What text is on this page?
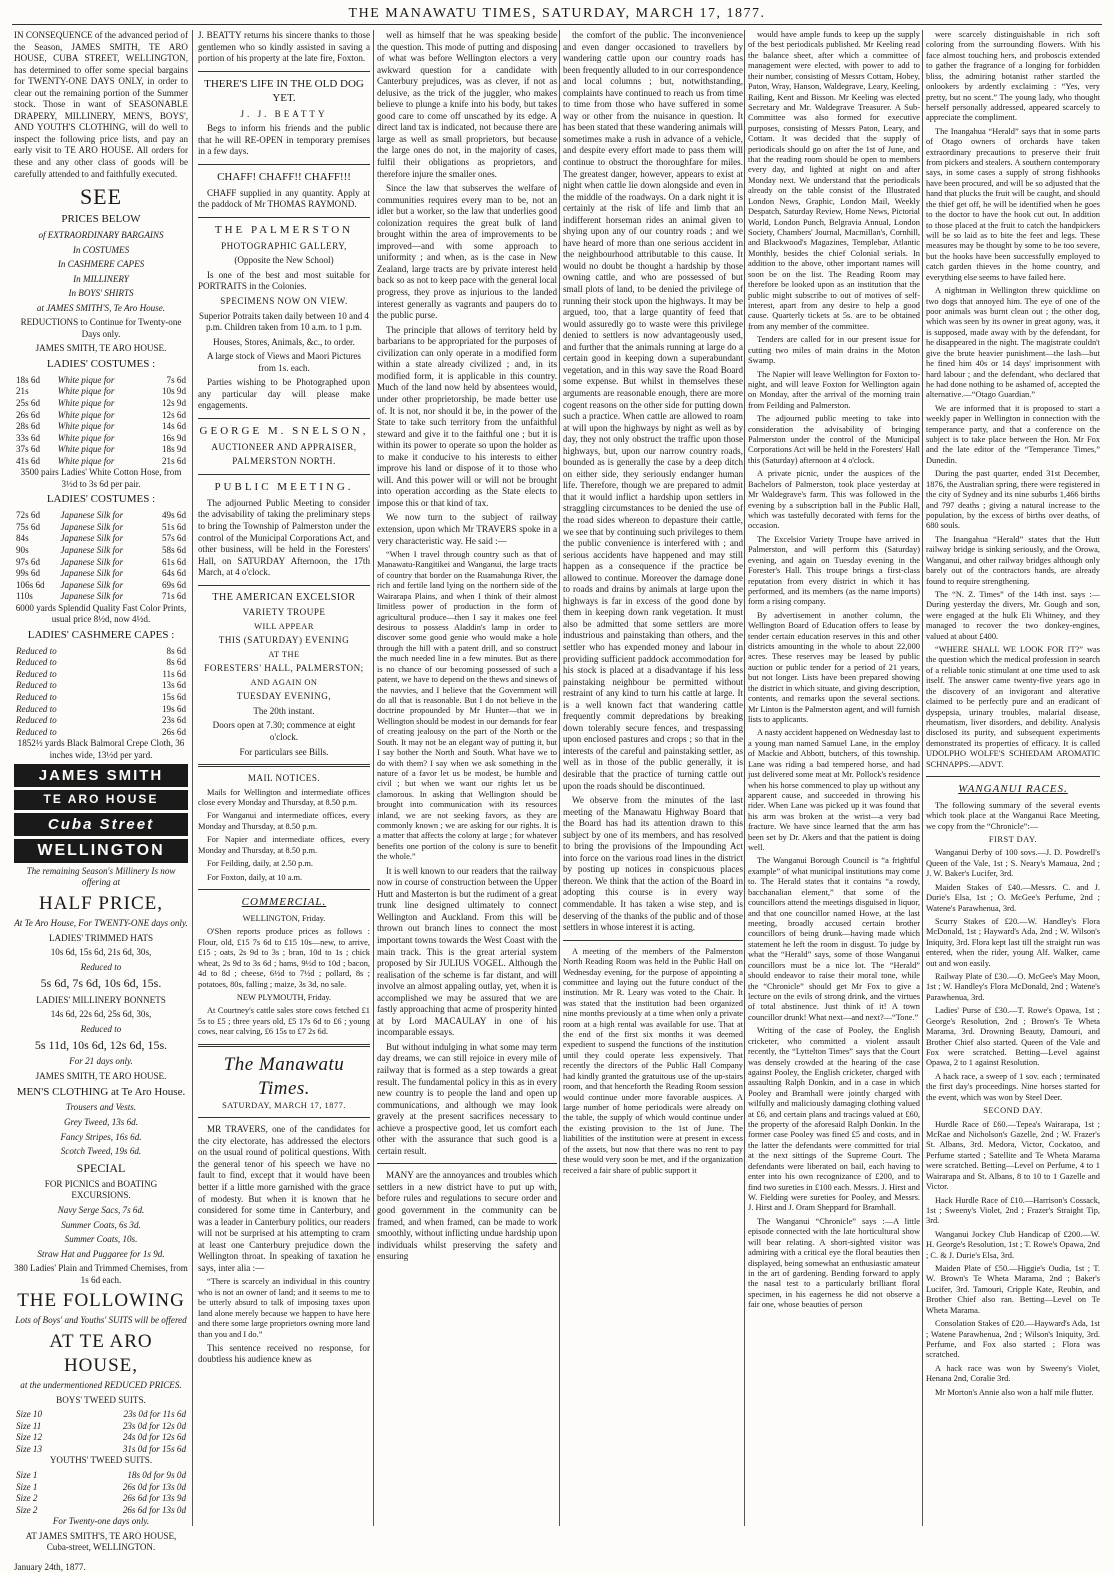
THE MANAWATU TIMES, SATURDAY, MARCH 17, 1877.

IN CONSEQUENCE of the advanced period of the Season, JAMES SMITH, TE ARO HOUSE, CUBA STREET, WELLINGTON, has determined to offer some special bargains for TWENTY-ONE DAYS ONLY, in order to clear out the remaining portion of the Summer stock. Those in want of SEASONABLE DRAPERY, MILLINERY, MEN'S, BOYS', AND YOUTH'S CLOTHING, will do well to inspect the following price lists, and pay an early visit to TE ARO HOUSE. All orders for these and any other class of goods will be carefully attended to and faithfully executed.

SEE

PRICES BELOW

of EXTRAORDINARY BARGAINS

In COSTUMES

In CASHMERE CAPES

In MILLINERY

In BOYS' SHIRTS

at JAMES SMITH'S, Te Aro House.

REDUCTIONS to Continue for Twenty-one Days only.

JAMES SMITH, TE ARO HOUSE.

LADIES' COSTUMES :

18s 6d	White pique for	7s 6d
21s	White pique for	10s 9d
25s 6d	White pique for	12s 9d
26s 6d	White pique for	12s 6d
28s 6d	White pique for	14s 6d
33s 6d	White pique for	16s 9d
37s 6d	White pique for	18s 9d
41s 6d	White pique for	21s 6d

3500 pairs Ladies' White Cotton Hose, from 3½d to 3s 6d per pair.

LADIES' COSTUMES :

72s 6d	Japanese Silk for	49s 6d
75s 6d	Japanese Silk for	51s 6d
84s	Japanese Silk for	57s 6d
90s	Japanese Silk for	58s 6d
97s 6d	Japanese Silk for	61s 6d
99s 6d	Japanese Silk for	64s 6d
106s 6d	Japanese Silk for	69s 6d
110s	Japanese Silk for	71s 6d

6000 yards Splendid Quality Fast Color Prints, usual price 8½d, now 4½d.

LADIES' CASHMERE CAPES :

Reduced to	8s 6d
Reduced to	8s 6d
Reduced to	11s 6d
Reduced to	13s 6d
Reduced to	15s 6d
Reduced to	19s 6d
Reduced to	23s 6d
Reduced to	26s 6d

1852½ yards Black Balmoral Crepe Cloth, 36 inches wide, 13½d per yard.

JAMES SMITH
TE ARO HOUSE
Cuba Street
WELLINGTON

The remaining Season's Millinery Is now offering at

HALF PRICE,

At Te Aro House, For TWENTY-ONE days only.

LADIES' TRIMMED HATS

10s 6d, 15s 6d, 21s 6d, 30s,

Reduced to

5s 6d, 7s 6d, 10s 6d, 15s.

LADIES' MILLINERY BONNETS

14s 6d, 22s 6d, 25s 6d, 30s,

Reduced to

5s 11d, 10s 6d, 12s 6d, 15s.

For 21 days only.

JAMES SMITH, TE ARO HOUSE.

MEN'S CLOTHING at Te Aro House.

Trousers and Vests.

Grey Tweed, 13s 6d.

Fancy Stripes, 16s 6d.

Scotch Tweed, 19s 6d.

SPECIAL

FOR PICNICS and BOATING EXCURSIONS.

Navy Serge Sacs, 7s 6d.

Summer Coats, 6s 3d.

Summer Coats, 10s.

Straw Hat and Puggaree for 1s 9d.

380 Ladies' Plain and Trimmed Chemises, from 1s 6d each.

THE FOLLOWING

Lots of Boys' and Youths' SUITS will be offered

AT TE ARO HOUSE,

at the undermentioned REDUCED PRICES.

BOYS' TWEED SUITS.

Size 10	23s 0d for 11s 6d
Size 11	23s 0d for 12s 0d
Size 12	24s 0d for 12s 6d
Size 13	31s 0d for 15s 6d

YOUTHS' TWEED SUITS.

Size 1	18s 0d for 9s 0d
Size 1	26s 0d for 13s 0d
Size 2	26s 6d for 13s 9d
Size 2	26s 6d for 13s 0d

For Twenty-one days only.

AT JAMES SMITH'S, TE ARO HOUSE, Cuba-street, WELLINGTON.

January 24th, 1877.

J. BEATTY returns his sincere thanks to those gentlemen who so kindly assisted in saving a portion of his property at the late fire, Foxton.

THERE'S LIFE IN THE OLD DOG YET.

J. J. BEATTY

Begs to inform his friends and the public that he will RE-OPEN in temporary premises in a few days.

CHAFF! CHAFF!! CHAFF!!!

CHAFF supplied in any quantity. Apply at the paddock of Mr THOMAS RAYMOND.

THE PALMERSTON

PHOTOGRAPHIC GALLERY,

(Opposite the New School)

Is one of the best and most suitable for PORTRAITS in the Colonies.

SPECIMENS NOW ON VIEW.

Superior Potraits taken daily between 10 and 4 p.m. Children taken from 10 a.m. to 1 p.m.

Houses, Stores, Animals, &c., to order.

A large stock of Views and Maori Pictures from 1s. each.

Parties wishing to be Photographed upon any particular day will please make engagements.

GEORGE M. SNELSON,

AUCTIONEER AND APPRAISER,

PALMERSTON NORTH.

PUBLIC MEETING.

The adjourned Public Meeting to consider the advisability of taking the preliminary steps to bring the Township of Palmerston under the control of the Municipal Corporations Act, and other business, will be held in the Foresters' Hall, on SATURDAY Afternoon, the 17th March, at 4 o'clock.

THE AMERICAN EXCELSIOR

VARIETY TROUPE

WILL APPEAR

THIS (SATURDAY) EVENING

AT THE

FORESTERS' HALL, PALMERSTON;

AND AGAIN ON

TUESDAY EVENING,

The 20th instant.

Doors open at 7.30; commence at eight o'clock.

For particulars see Bills.

MAIL NOTICES.

Mails for Wellington and intermediate offices close every Monday and Thursday, at 8.50 p.m.

For Wanganui and intermediate offices, every Monday and Thursday, at 8.50 p.m.

For Napier and intermediate offices, every Monday and Thursday, at 8.50 p.m.

For Feilding, daily, at 2.50 p.m.

For Foxton, daily, at 10 a.m.

COMMERCIAL.

WELLINGTON, Friday.

O'Shen reports produce prices as follows : Flour, old, £15 7s 6d to £15 10s—new, to arrive, £15 ; oats, 2s 9d to 3s ; bran, 10d to 1s ; chick wheat, 2s 9d to 3s 6d ; hams, 9½d to 10d ; bacon, 4d to 8d ; cheese, 6½d to 7½d ; pollard, 8s ; potatoes, 80s, falling ; maize, 3s 3d, no sale.

NEW PLYMOUTH, Friday.

At Courtney's cattle sales store cows fetched £1 5s to £5 ; three years old, £5 17s 6d to £6 ; young cows, near calving, £6 15s to £7 2s 6d.

The Manawatu Times.

SATURDAY, MARCH 17, 1877.

MR TRAVERS, one of the candidates for the city electorate, has addressed the electors on the usual round of political questions. With the general tenor of his speech we have no fault to find, except that it would have been better if a little more garnished with the grace of modesty. But when it is known that he considered for some time in Canterbury, and was a leader in Canterbury politics, our readers will not be surprised at his attempting to cram at least one Canterbury prejudice down the Wellington throat. In speaking of taxation he says, inter alia :—

“There is scarcely an individual in this country who is not an owner of land; and it seems to me to be utterly absurd to talk of imposing taxes upon land alone merely because we happen to have here and there some large proprietors owning more land than you and I do.”

This sentence received no response, for doubtless his audience knew as

well as himself that he was speaking beside the question. This mode of putting and disposing of what was before Wellington electors a very awkward question for a candidate with Canterbury prejudices, was as clever, if not as delusive, as the trick of the juggler, who makes believe to plunge a knife into his body, but takes good care to come off unscathed by its edge. A direct land tax is indicated, not because there are large as well as small proprietors, but because the large ones do not, in the majority of cases, fulfil their obligations as proprietors, and therefore injure the smaller ones.

Since the law that subserves the welfare of communities requires every man to be, not an idler but a worker, so the law that underlies good colonization requires the great bulk of land brought within the area of improvements to be improved—and with some approach to uniformity ; and when, as is the case in New Zealand, large tracts are by private interest held back so as not to keep pace with the general local progress, they prove as injurious to the landed interest generally as vagrants and paupers do to the public purse.

The principle that allows of territory held by barbarians to be appropriated for the purposes of civilization can only operate in a modified form within a state already civilized ; and, in its modified form, it is applicable in this country. Much of the land now held by absentees would, under other proprietorship, be made better use of. It is not, nor should it be, in the power of the State to take such territory from the unfaithful steward and give it to the faithful one ; but it is within its power to operate so upon the holder as to make it conducive to his interests to either improve his land or dispose of it to those who will. And this power will or will not be brought into operation according as the State elects to impose this or that kind of tax.

We now turn to the subject of railway extension, upon which Mr TRAVERS spoke in a very characteristic way. He said :—

“When I travel through country such as that of Manawatu-Rangitikei and Wanganui, the large tracts of country that border on the Ruamahunga River, the rich and fertile land lying on the northern side of the Wairarapa Plains, and when I think of their almost limitless power of production in the form of agricultural produce—then I say it makes one feel desirous to possess Aladdin's lamp in order to discover some good genie who would make a hole through the hill with a patent drill, and so construct the much needed line in a few minutes. But as there is no chance of our becoming possessed of such a patent, we have to depend on the thews and sinews of the navvies, and I believe that the Government will do all that is reasonable. But I do not believe in the doctrine propounded by Mr Hunter—that we in Wellington should be modest in our demands for fear of creating jealousy on the part of the North or the South. It may not be an elegant way of putting it, but I say bother the North and South. What have we to do with them? I say when we ask something in the nature of a favor let us be modest, be humble and civil ; but when we want our rights let us be clamorous. In asking that Wellington should be brought into communication with its resources inland, we are not seeking favors, as they are commonly known ; we are asking for our rights. It is a matter that affects the colony at large ; for whatever benefits one portion of the colony is sure to benefit the whole.”

It is well known to our readers that the railway now in course of construction between the Upper Hutt and Masterton is but the rudiment of a great trunk line designed ultimately to connect Wellington and Auckland. From this will be thrown out branch lines to connect the most important towns towards the West Coast with the main track. This is the great arterial system proposed by Sir JULIUS VOGEL. Although the realisation of the scheme is far distant, and will involve an almost appaling outlay, yet, when it is accomplished we may be assured that we are fastly approaching that acme of prosperity hinted at by Lord MACAULAY in one of his incomparable essays.

But without indulging in what some may term day dreams, we can still rejoice in every mile of railway that is formed as a step towards a great result. The fundamental policy in this as in every new country is to people the land and open up communications, and although we may look gravely at the present sacrifices necessary to achieve a prospective good, let us comfort each other with the assurance that such good is a certain result.

MANY are the annoyances and troubles which settlers in a new district have to put up with, before rules and regulations to secure order and good government in the community can be framed, and when framed, can be made to work smoothly, without inflicting undue hardship upon individuals whilst preserving the safety and ensuring

the comfort of the public. The inconvenience and even danger occasioned to travellers by wandering cattle upon our country roads has been frequently alluded to in our correspondence and local columns ; but, notwithstanding, complaints have continued to reach us from time to time from those who have suffered in some way or other from the nuisance in question. It has been stated that these wandering animals will sometimes make a rush in advance of a vehicle, and despite every effort made to pass them will continue to obstruct the thoroughfare for miles. The greatest danger, however, appears to exist at night when cattle lie down alongside and even in the middle of the roadways. On a dark night it is certainly at the risk of life and limb that an indifferent horseman rides an animal given to shying upon any of our country roads ; and we have heard of more than one serious accident in the neighbourhood attributable to this cause. It would no doubt be thought a hardship by those owning cattle, and who are possessed of but small plots of land, to be denied the privilege of running their stock upon the highways. It may be argued, too, that a large quantity of feed that would assuredly go to waste were this privilege denied to settlers is now advantageously used, and further that the animals running at large do a certain good in keeping down a superabundant vegetation, and in this way save the Road Board some expense. But whilst in themselves these arguments are reasonable enough, there are more cogent reasons on the other side for putting down such a practice. When cattle are allowed to roam at will upon the highways by night as well as by day, they not only obstruct the traffic upon those highways, but, upon our narrow country roads, bounded as is generally the case by a deep ditch on either side, they seriously endanger human life. Therefore, though we are prepared to admit that it would inflict a hardship upon settlers in straggling circumstances to be denied the use of the road sides whereon to depasture their cattle, we see that by continuing such privileges to them the public convenience is interfered with ; and serious accidents have happened and may still happen as a consequence if the practice be allowed to continue. Moreover the damage done to roads and drains by animals at large upon the highways is far in excess of the good done by them in keeping down rank vegetation. It must also be admitted that some settlers are more industrious and painstaking than others, and the settler who has expended money and labour in providing sufficient paddock accommodation for his stock is placed at a disadvantage if his less painstaking neighbour be permitted without restraint of any kind to turn his cattle at large. It is a well known fact that wandering cattle frequently commit depredations by breaking down tolerably secure fences, and trespassing upon enclosed pastures and crops ; so that in the interests of the careful and painstaking settler, as well as in those of the public generally, it is desirable that the practice of turning cattle out upon the roads should be discontinued.

We observe from the minutes of the last meeting of the Manawatu Highway Board that the Board has had its attention drawn to this subject by one of its members, and has resolved to bring the provisions of the Impounding Act into force on the various road lines in the district by posting up notices in conspicuous places thereon. We think that the action of the Board in adopting this course is in every way commendable. It has taken a wise step, and is deserving of the thanks of the public and of those settlers in whose interest it is acting.

A meeting of the members of the Palmerston North Reading Room was held in the Public Hall on Wednesday evening, for the purpose of appointing a committee and laying out the future conduct of the institution. Mr R. Leary was voted to the Chair. It was stated that the institution had been organized nine months previously at a time when only a private room at a high rental was available for use. That at the end of the first six months it was deemed expedient to suspend the functions of the institution until they could operate less expensively. That recently the directors of the Public Hall Company had kindly granted the gratuitous use of the up-stairs room, and that henceforth the Reading Room session would continue under more favorable auspices. A large number of home periodicals were already on the table, the supply of which would continue under the existing provision to the 1st of June. The liabilities of the institution were at present in excess of the assets, but now that there was no rent to pay these would very soon be met, and if the organization received a fair share of public support it

would have ample funds to keep up the supply of the best periodicals published. Mr Keeling read the balance sheet, after which a committee of management were elected, with power to add to their number, consisting of Messrs Cottam, Hobey, Paton, Wray, Hanson, Waldegrave, Leary, Keeling, Railing, Kent and Bisson. Mr Keeling was elected Secretary and Mr. Waldegrave Treasurer. A Sub-Committee was also formed for executive purposes, consisting of Messrs Paton, Leary, and Cottam. It was decided that the supply of periodicals should go on after the 1st of June, and that the reading room should be open to members every day, and lighted at night on and after Monday next. We understand that the periodicals already on the table consist of the Illustrated London News, Graphic, London Mail, Weekly Despatch, Saturday Review, Home News, Pictorial World, London Punch, Belgravia Annual, London Society, Chambers' Journal, Macmillan's, Cornhill, and Blackwood's Magazines, Templebar, Atlantic Monthly, besides the chief Colonial serials. In addition to the above, other important names will soon be on the list. The Reading Room may therefore be looked upon as an institution that the public might subscribe to out of motives of self-interest, apart from any desire to help a good cause. Quarterly tickets at 5s. are to be obtained from any member of the committee.

Tenders are called for in our present issue for cutting two miles of main drains in the Moton Swamp.

The Napier will leave Wellington for Foxton to-night, and will leave Foxton for Wellington again on Monday, after the arrival of the morning train from Feilding and Palmerston.

The adjourned public meeting to take into consideration the advisability of bringing Palmerston under the control of the Municipal Corporations Act will be held in the Foresters' Hall this (Saturday) afternoon at 4 o'clock.

A private picnic, under the auspices of the Bachelors of Palmerston, took place yesterday at Mr Waldegrave's farm. This was followed in the evening by a subscription ball in the Public Hall, which was tastefully decorated with ferns for the occasion.

The Excelsior Variety Troupe have arrived in Palmerston, and will perform this (Saturday) evening, and again on Tuesday evening in the Forester's Hall. This troupe brings a first-class reputation from every district in which it has performed, and its members (as the name imports) form a rising company.

By advertisement in another column, the Wellington Board of Education offers to lease by tender certain education reserves in this and other districts amounting in the whole to about 22,000 acres. These reserves may be leased by public auction or public tender for a period of 21 years, but not longer. Lists have been prepared showing the district in which situate, and giving description, contents, and remarks upon the several sections. Mr Linton is the Palmerston agent, and will furnish lists to applicants.

A nasty accident happened on Wednesday last to a young man named Samuel Lane, in the employ of Mackie and Abbott, butchers, of this township. Lane was riding a bad tempered horse, and had just delivered some meat at Mr. Pollock's residence when his horse commenced to play up without any apparent cause, and succeeded in throwing his rider. When Lane was picked up it was found that his arm was broken at the wrist—a very bad fracture. We have since learned that the arm has been set by Dr. Akers and that the patient is doing well.

The Wanganui Borough Council is “a frightful example” of what municipal institutions may come to. The Herald states that it contains “a rowdy, bacchanalian element,” that some of the councillors attend the meetings disguised in liquor, and that one councillor named Howe, at the last meeting, broadly accused certain brother councillors of being drunk—having made which statement he left the room in disgust. To judge by what the “Herald” says, some of those Wanganui councillors must be a nice lot. The “Herald” should endeavor to raise their moral tone, while the “Chronicle” should get Mr Fox to give a lecture on the evils of strong drink, and the virtues of total abstinence. Just think of it! A town councillor drunk! What next—and next?—“Tone.”

Writing of the case of Pooley, the English cricketer, who committed a violent assault recently, the “Lyttelton Times” says that the Court was densely crowded at the hearing of the case against Pooley, the English cricketer, charged with assaulting Ralph Donkin, and in a case in which Pooley and Bramhall were jointly charged with wilfully and maliciously damaging clothing valued at £6, and certain plans and tracings valued at £60, the property of the aforesaid Ralph Donkin. In the former case Pooley was fined £5 and costs, and in the latter the defendants were committed for trial at the next sittings of the Supreme Court. The defendants were liberated on bail, each having to enter into his own recognizance of £200, and to find two sureties in £100 each. Messrs. J. Hirst and W. Fielding were sureties for Pooley, and Messrs. J. Hirst and J. Oram Sheppard for Bramhall.

The Wanganui “Chronicle” says :—A little episode connected with the late horticultural show will bear relating. A short-sighted visitor was admiring with a critical eye the floral beauties then displayed, being somewhat an enthusiastic amateur in the art of gardening. Bending forward to apply the nasal test to a particularly brilliant floral specimen, in his eagerness he did not observe a fair one, whose beauties of person

were scarcely distinguishable in rich soft coloring from the surrounding flowers. With his face almost touching hers, and proboscis extended to gather the fragrance of a longing for forbidden bliss, the admiring botanist rather startled the onlookers by ardently exclaiming : “Yes, very pretty, but no scent.” The young lady, who thought herself personally addressed, appeared scarcely to appreciate the compliment.

The Inangahua “Herald” says that in some parts of Otago owners of orchards have taken extraordinary precautions to preserve their fruit from pickers and stealers. A southern contemporary says, in some cases a supply of strong fishhooks have been procured, and will be so adjusted that the hand that plucks the fruit will be caught, and should the thief get off, he will be identified when he goes to the doctor to have the hook cut out. In addition to those placed at the fruit to catch the handpickers will be so laid as to bite the feet and legs. These measures may be thought by some to be too severe, but the hooks have been successfully employed to catch garden thieves in the home country, and everything else seems to have failed here.

A nightman in Wellington threw quicklime on two dogs that annoyed him. The eye of one of the poor animals was burnt clean out ; the other dog, which was seen by its owner in great agony, was, it is supposed, made away with by the defendant, for he disappeared in the night. The magistrate couldn't give the brute heavier punishment—the lash—but he fined him 40s or 14 days' imprisonment with hard labour ; and the defendant, who declared that he had done nothing to be ashamed of, accepted the alternative.—“Otago Guardian.”

We are informed that it is proposed to start a weekly paper in Wellington in connection with the temperance party, and that a conference on the subject is to take place between the Hon. Mr Fox and the late editor of the “Temperance Times,” Dunedin.

During the past quarter, ended 31st December, 1876, the Australian spring, there were registered in the city of Sydney and its nine suburbs 1,466 births and 797 deaths ; giving a natural increase to the population, by the excess of births over deaths, of 680 souls.

The Inangahua “Herald” states that the Hutt railway bridge is sinking seriously, and the Orowa, Wanganui, and other railway bridges although only barely out of the contractors hands, are already found to require strengthening.

The “N. Z. Times” of the 14th inst. says :—During yesterday the divers, Mr. Gough and son, were engaged at the hulk Eli Whitney, and they managed to recover the two donkey-engines, valued at about £400.

“WHERE SHALL WE LOOK FOR IT?” was the question which the medical profession in search of a reliable tonic stimulant at one time used to ask itself. The answer came twenty-five years ago in the discovery of an invigorant and alterative claimed to be perfectly pure and an eradicant of dyspepsia, urinary troubles, malarial disease, rheumatism, liver disorders, and debility. Analysis disclosed its purity, and subsequent experiments demonstrated its properties of efficacy. It is called UDOLPHO WOLFE'S SCHIEDAM AROMATIC SCHNAPPS.—ADVT.

WANGANUI RACES.

The following summary of the several events which took place at the Wanganui Race Meeting, we copy from the “Chronicle”:—

FIRST DAY.

Wanganui Derby of 100 sovs.—J. D. Powdrell's Queen of the Vale, 1st ; S. Neary's Mamaua, 2nd ; J. W. Baker's Lucifer, 3rd.

Maiden Stakes of £40.—Messrs. C. and J. Durie's Elsa, 1st ; O. McGee's Perfume, 2nd ; Watene's Parawhenua, 3rd.

Scurry Stakes of £20.—W. Handley's Flora McDonald, 1st ; Hayward's Ada, 2nd ; W. Wilson's Iniquity, 3rd. Flora kept last till the straight run was entered, when the rider, young Alf. Walker, came out and won easily.

Railway Plate of £30.—O. McGee's May Moon, 1st ; W. Handley's Flora McDonald, 2nd ; Watene's Parawhenua, 3rd.

Ladies' Purse of £30.—T. Rowe's Opawa, 1st ; George's Resolution, 2nd ; Brown's Te Wheta Marama, 3rd. Drowning Beauty, Damouri, and Brother Chief also started. Queen of the Vale and Fox were scratched. Betting—Level against Opawa, 2 to 1 against Resolution.

A hack race, a sweep of 1 sov. each ; terminated the first day's proceedings. Nine horses started for the event, which was won by Steel Deer.

SECOND DAY.

Hurdle Race of £60.—Tepea's Wairarapa, 1st ; McRae and Nicholson's Gazelle, 2nd ; W. Frazer's St. Albans, 3rd. Medora, Victor, Cockatoo, and Perfume started ; Satellite and Te Wheta Marama were scratched. Betting—Level on Perfume, 4 to 1 Wairarapa and St. Albans, 8 to 10 to 1 Gazelle and Victor.

Hack Hurdle Race of £10.—Harrison's Cossack, 1st ; Sweeny's Violet, 2nd ; Frazer's Straight Tip, 3rd.

Wanganui Jockey Club Handicap of £200.—W. H. George's Resolution, 1st ; T. Rowe's Opawa, 2nd ; C. & J. Durie's Elsa, 3rd.

Maiden Plate of £50.—Higgie's Oudia, 1st ; T. W. Brown's Te Wheta Marama, 2nd ; Baker's Lucifer, 3rd. Tamouri, Cripple Kate, Reubin, and Brother Chief also ran. Betting—Level on Te Wheta Marama.

Consolation Stakes of £20.—Hayward's Ada, 1st ; Watene Parawhenua, 2nd ; Wilson's Iniquity, 3rd. Perfume, and Fox also started ; Flora was scratched.

A hack race was won by Sweeny's Violet, Henana 2nd, Coralie 3rd.

Mr Morton's Annie also won a half mile flutter.
